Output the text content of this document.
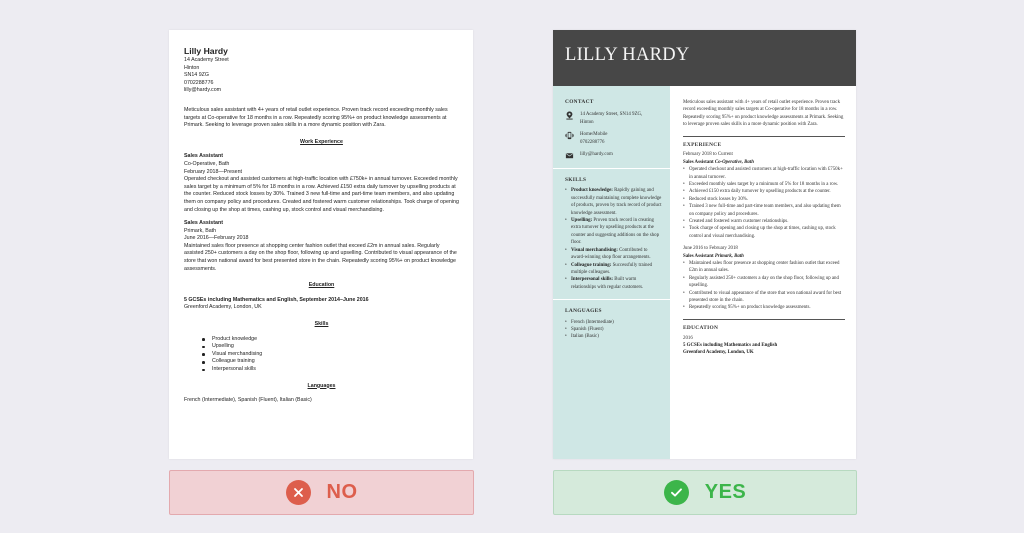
Lilly Hardy
14 Academy Street
Hinton
SN14 9ZG
0702288776
lilly@hardy.com
Meticulous sales assistant with 4+ years of retail outlet experience. Proven track record exceeding monthly sales targets at Co-operative for 18 months in a row. Repeatedly scoring 95%+ on product knowledge assessments at Primark. Seeking to leverage proven sales skills in a more dynamic position with Zara.
Work Experience
Sales Assistant
Co-Operative, Bath
February 2018—Present
Operated checkout and assisted customers at high-traffic location with £750k+ in annual turnover. Exceeded monthly sales target by a minimum of 5% for 18 months in a row. Achieved £150 extra daily turnover by upselling products at the counter. Reduced stock losses by 30%. Trained 3 new full-time and part-time team members, and also updating them on company policy and procedures. Created and fostered warm customer relationships. Took charge of opening and closing up the shop at times, cashing up, stock control and visual merchandising.
Sales Assistant
Primark, Bath
June 2016—February 2018
Maintained sales floor presence at shopping center fashion outlet that exceed £2m in annual sales. Regularly assisted 250+ customers a day on the shop floor, following up and upselling. Contributed to visual appearance of the store that won national award for best presented store in the chain. Repeatedly scoring 95%+ on product knowledge assessments.
Education
5 GCSEs including Mathematics and English, September 2014–June 2016
Greenford Academy, London, UK
Skills
Product knowledge
Upselling
Visual merchandising
Colleague training
Interpersonal skills
Languages
French (Intermediate), Spanish (Fluent), Italian (Basic)
LILLY HARDY
CONTACT
14 Academy Street, SN14 9ZG,
Hinton
Home/Mobile
0702288776
lilly@hardy.com
SKILLS
• Product knowledge: Rapidly gaining and successfully maintaining complete knowledge of products, proven by track record of product knowledge assessment.
• Upselling: Proven track record in creating extra turnover by upselling products at the counter and suggesting additions on the shop floor.
• Visual merchandising: Contributed to award-winning shop floor arrangements.
• Colleague training: Successfully trained multiple colleagues.
• Interpersonal skills: Built warm relationships with regular customers.
LANGUAGES
• French (Intermediate)
• Spanish (Fluent)
• Italian (Basic)
Meticulous sales assistant with 4+ years of retail outlet experience. Proven track record exceeding monthly sales targets at Co-operative for 18 months in a row. Repeatedly scoring 95%+ on product knowledge assessments at Primark. Seeking to leverage proven sales skills in a more dynamic position with Zara.
EXPERIENCE
February 2018 to Current
Sales Assistant Co-Operative, Bath
• Operated checkout and assisted customers at high-traffic location with £750k+ in annual turnover.
• Exceeded monthly sales target by a minimum of 5% for 18 months in a row.
• Achieved £150 extra daily turnover by upselling products at the counter.
• Reduced stock losses by 30%.
• Trained 3 new full-time and part-time team members, and also updating them on company policy and procedures.
• Created and fostered warm customer relationships.
• Took charge of opening and closing up the shop at times, cashing up, stock control and visual merchandising.
June 2016 to February 2018
Sales Assistant Primark, Bath
• Maintained sales floor presence at shopping center fashion outlet that exceed £2m in annual sales.
• Regularly assisted 250+ customers a day on the shop floor, following up and upselling.
• Contributed to visual appearance of the store that won national award for best presented store in the chain.
• Repeatedly scoring 95%+ on product knowledge assessments.
EDUCATION
2016
5 GCSEs including Mathematics and English
Greenford Academy, London, UK
NO	YES
